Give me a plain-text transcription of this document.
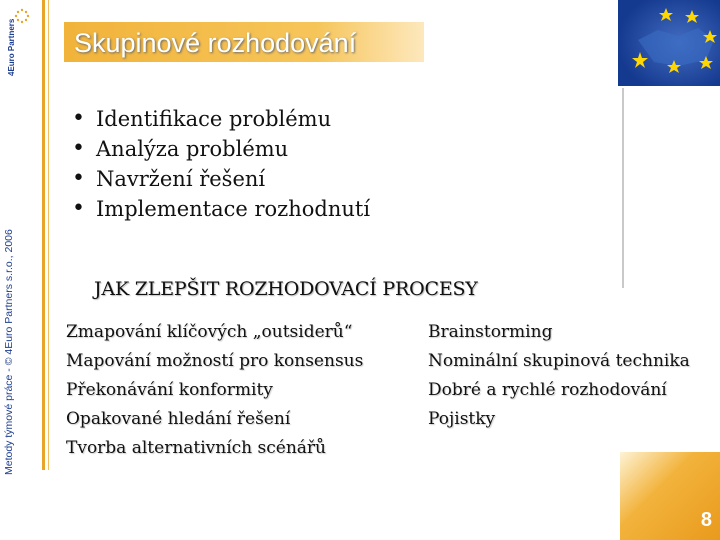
4Euro Partners Skupinové rozhodování
• Identifikace problému
• Analýza problému
• Navržení řešení
• Implementace rozhodnutí
JAK ZLEPŠIT ROZHODOVACÍ PROCESY
Zmapování klíčových „outsiderů“
Mapování možností pro konsensus
Překonávání konformity
Opakované hledání řešení
Tvorba alternativních scénářů
Brainstorming
Nominální skupinová technika
Dobré a rychlé rozhodování
Pojistky
8
